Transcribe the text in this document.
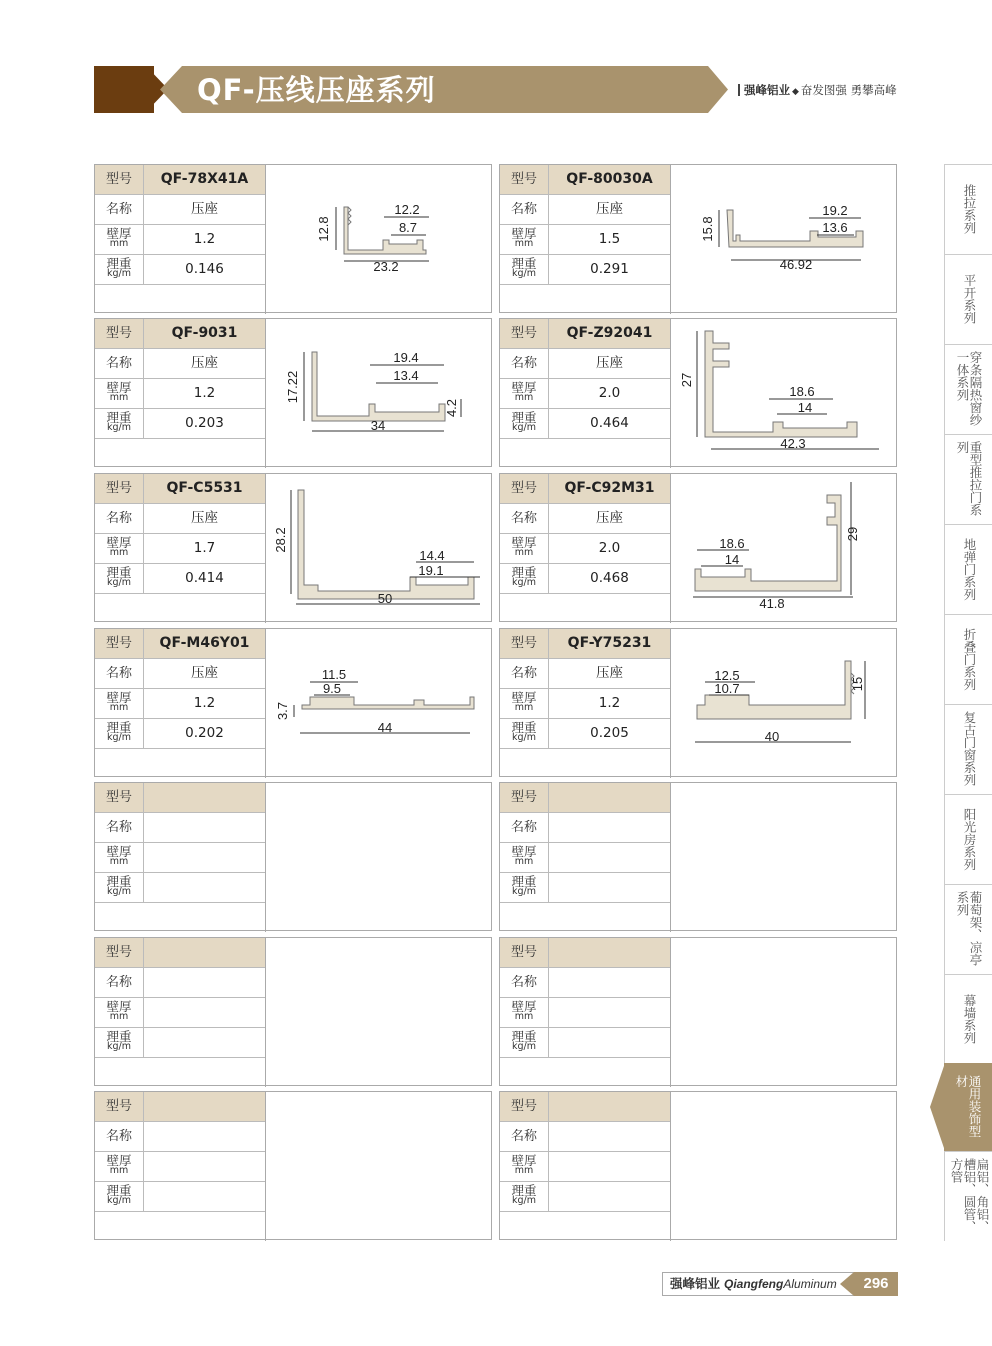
QF-压线压座系列	强峰铝业 ◆ 奋发图强 勇攀高峰
型号	QF-78X41A
名称	压座
壁厚
mm	1.2
理重
kg/m	0.146
12.8
12.2
8.7
23.2
型号	QF-80030A
名称	压座
壁厚
mm	1.5
理重
kg/m	0.291
15.8
19.2
13.6
46.92
型号	QF-9031
名称	压座
壁厚
mm	1.2
理重
kg/m	0.203
17.22
19.4
13.4
4.2
34
型号	QF-Z92041
名称	压座
壁厚
mm	2.0
理重
kg/m	0.464
27
18.6
14
42.3
型号	QF-C5531
名称	压座
壁厚
mm	1.7
理重
kg/m	0.414
28.2
14.4
19.1
50
型号	QF-C92M31
名称	压座
壁厚
mm	2.0
理重
kg/m	0.468
18.6
14
29
41.8
型号	QF-M46Y01
名称	压座
壁厚
mm	1.2
理重
kg/m	0.202
11.5
9.5
3.7
44
型号	QF-Y75231
名称	压座
壁厚
mm	1.2
理重
kg/m	0.205
12.5
10.7	15
40
型号
名称
壁厚
mm
理重
kg/m
型号
名称
壁厚
mm
理重
kg/m
型号
名称
壁厚
mm
理重
kg/m
型号
名称
壁厚
mm
理重
kg/m
型号
名称
壁厚
mm
理重
kg/m
型号
名称
壁厚
mm
理重
kg/m
推拉系列
平开系列
穿条隔热窗纱一体系列
重型推拉门系列
地弹门系列
折叠门系列
复古门窗系列
阳光房系列
葡萄架、凉亭系列
幕墙系列
通用装饰型材
扁铝、角铝、槽铝、圆管、方管
强峰铝业 QiangfengAluminum	296
